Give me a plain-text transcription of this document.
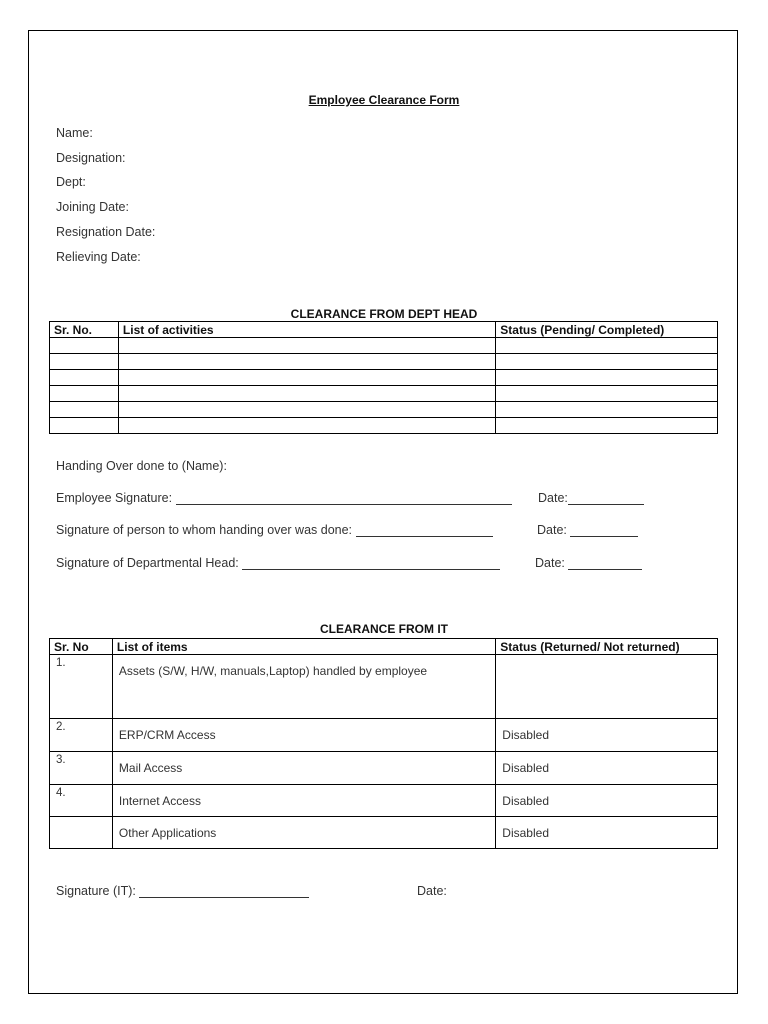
Employee Clearance Form
Name:
Designation:
Dept:
Joining Date:
Resignation Date:
Relieving Date:
CLEARANCE FROM DEPT HEAD
Sr. No.	List of activities	Status (Pending/ Completed)

Handing Over done to (Name):
Employee Signature:	Date:
Signature of person to whom handing over was done:	Date:
Signature of Departmental Head:	Date:
CLEARANCE FROM IT
Sr. No	List of items	Status (Returned/ Not returned)
1.	Assets (S/W, H/W, manuals,Laptop) handled by employee	
2.	ERP/CRM Access	Disabled
3.	Mail Access	Disabled
4.	Internet Access	Disabled
	Other Applications	Disabled
Signature (IT):	Date:
